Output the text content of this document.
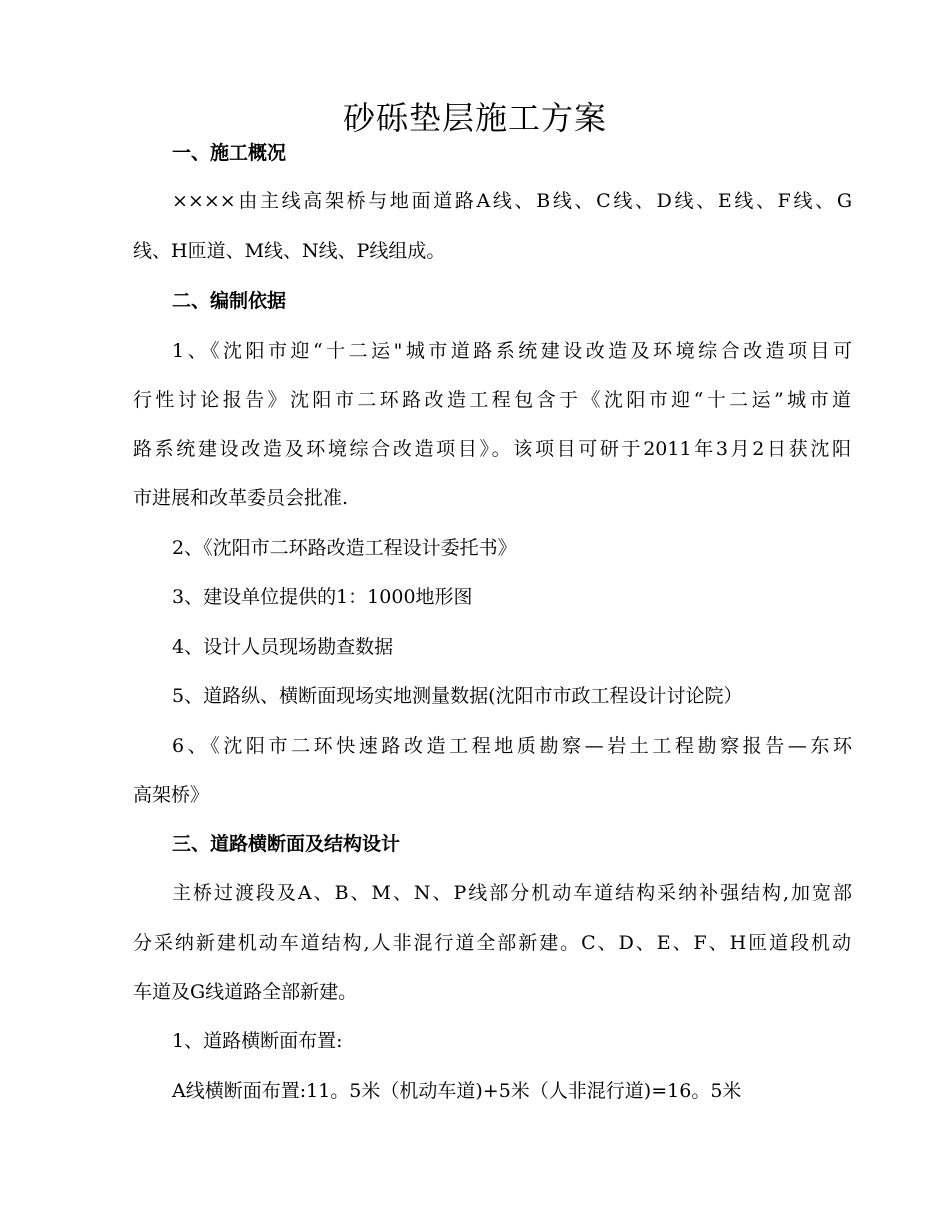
砂砾垫层施工方案
一、施工概况
××××由主线高架桥与地面道路A线、B线、C线、D线、E线、F线、G
线、H匝道、M线、N线、P线组成。
二、编制依据
1、《沈阳市迎“十二运"城市道路系统建设改造及环境综合改造项目可
行性讨论报告》沈阳市二环路改造工程包含于《沈阳市迎“十二运”城市道
路系统建设改造及环境综合改造项目》。该项目可研于2011年3月2日获沈阳
市进展和改革委员会批准.
2、《沈阳市二环路改造工程设计委托书》
3、建设单位提供的1：1000地形图
4、设计人员现场勘查数据
5、道路纵、横断面现场实地测量数据(沈阳市市政工程设计讨论院）
6、《沈阳市二环快速路改造工程地质勘察—岩土工程勘察报告—东环
高架桥》
三、道路横断面及结构设计
主桥过渡段及A、B、M、N、P线部分机动车道结构采纳补强结构,加宽部
分采纳新建机动车道结构,人非混行道全部新建。C、D、E、F、H匝道段机动
车道及G线道路全部新建。
1、道路横断面布置:
A线横断面布置:11。5米（机动车道)+5米（人非混行道)=16。5米
